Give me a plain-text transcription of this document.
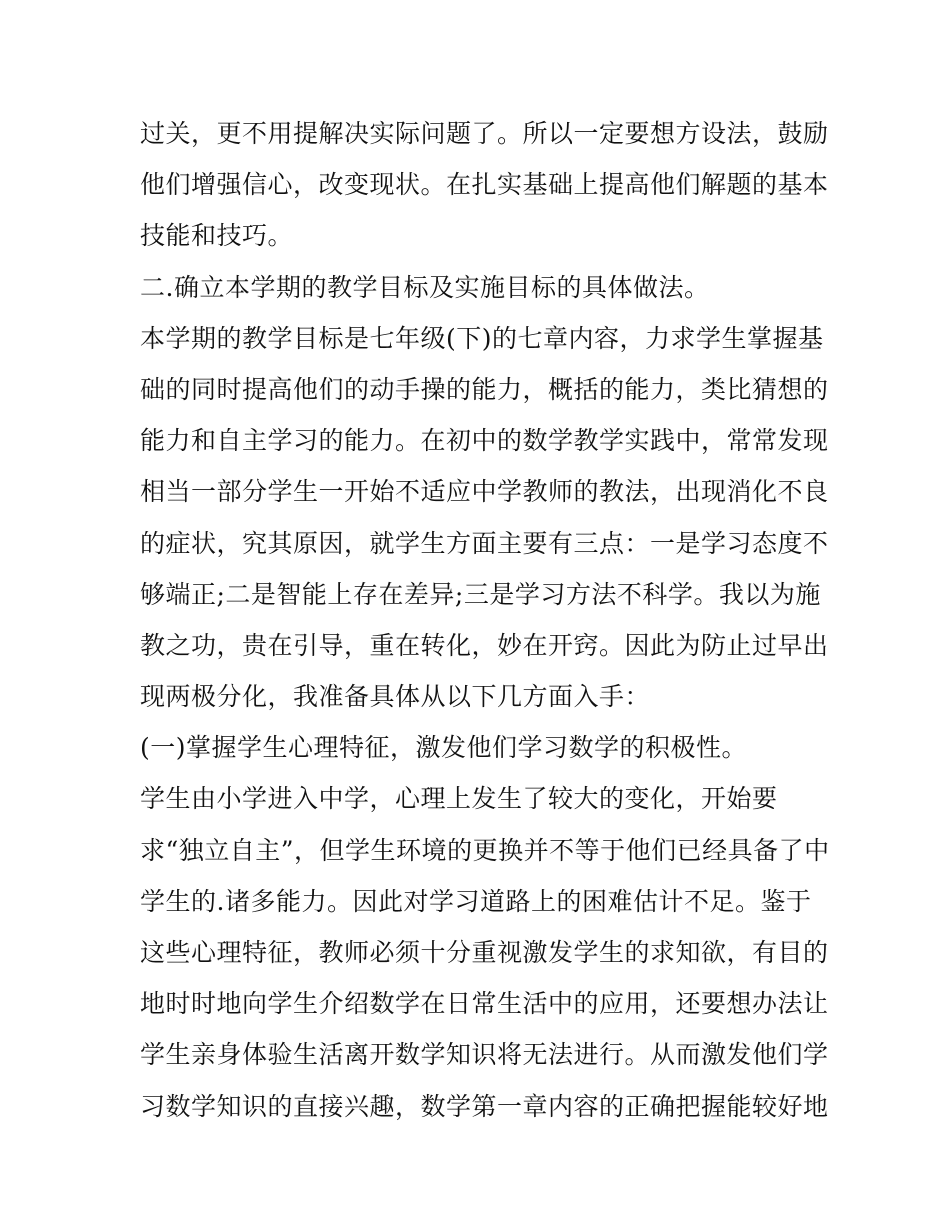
过关，更不用提解决实际问题了。所以一定要想方设法，鼓励
他们增强信心，改变现状。在扎实基础上提高他们解题的基本
技能和技巧。
二.确立本学期的教学目标及实施目标的具体做法。
本学期的教学目标是七年级(下)的七章内容，力求学生掌握基
础的同时提高他们的动手操的能力，概括的能力，类比猜想的
能力和自主学习的能力。在初中的数学教学实践中，常常发现
相当一部分学生一开始不适应中学教师的教法，出现消化不良
的症状，究其原因，就学生方面主要有三点：一是学习态度不
够端正;二是智能上存在差异;三是学习方法不科学。我以为施
教之功，贵在引导，重在转化，妙在开窍。因此为防止过早出
现两极分化，我准备具体从以下几方面入手：
(一)掌握学生心理特征，激发他们学习数学的积极性。
学生由小学进入中学，心理上发生了较大的变化，开始要
求“独立自主”，但学生环境的更换并不等于他们已经具备了中
学生的.诸多能力。因此对学习道路上的困难估计不足。鉴于
这些心理特征，教师必须十分重视激发学生的求知欲，有目的
地时时地向学生介绍数学在日常生活中的应用，还要想办法让
学生亲身体验生活离开数学知识将无法进行。从而激发他们学
习数学知识的直接兴趣，数学第一章内容的正确把握能较好地
